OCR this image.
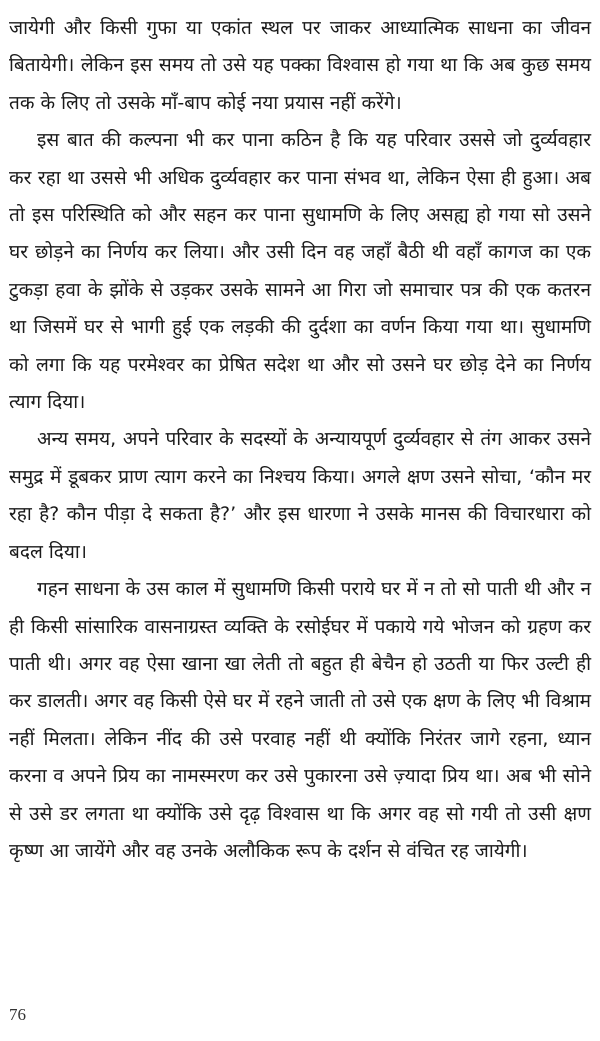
जायेगी और किसी गुफा या एकांत स्थल पर जाकर आध्यात्मिक साधना का जीवन बितायेगी। लेकिन इस समय तो उसे यह पक्का विश्वास हो गया था कि अब कुछ समय तक के लिए तो उसके माँ-बाप कोई नया प्रयास नहीं करेंगे।

इस बात की कल्पना भी कर पाना कठिन है कि यह परिवार उससे जो दुर्व्यवहार कर रहा था उससे भी अधिक दुर्व्यवहार कर पाना संभव था, लेकिन ऐसा ही हुआ। अब तो इस परिस्थिति को और सहन कर पाना सुधामणि के लिए असह्य हो गया सो उसने घर छोड़ने का निर्णय कर लिया। और उसी दिन वह जहाँ बैठी थी वहाँ कागज का एक टुकड़ा हवा के झोंके से उड़कर उसके सामने आ गिरा जो समाचार पत्र की एक कतरन था जिसमें घर से भागी हुई एक लड़की की दुर्दशा का वर्णन किया गया था। सुधामणि को लगा कि यह परमेश्वर का प्रेषित सदेश था और सो उसने घर छोड़ देने का निर्णय त्याग दिया।

अन्य समय, अपने परिवार के सदस्यों के अन्यायपूर्ण दुर्व्यवहार से तंग आकर उसने समुद्र में डूबकर प्राण त्याग करने का निश्चय किया। अगले क्षण उसने सोचा, ‘कौन मर रहा है? कौन पीड़ा दे सकता है?’ और इस धारणा ने उसके मानस की विचारधारा को बदल दिया।

गहन साधना के उस काल में सुधामणि किसी पराये घर में न तो सो पाती थी और न ही किसी सांसारिक वासनाग्रस्त व्यक्ति के रसोईघर में पकाये गये भोजन को ग्रहण कर पाती थी। अगर वह ऐसा खाना खा लेती तो बहुत ही बेचैन हो उठती या फिर उल्टी ही कर डालती। अगर वह किसी ऐसे घर में रहने जाती तो उसे एक क्षण के लिए भी विश्राम नहीं मिलता। लेकिन नींद की उसे परवाह नहीं थी क्योंकि निरंतर जागे रहना, ध्यान करना व अपने प्रिय का नामस्मरण कर उसे पुकारना उसे ज़्यादा प्रिय था। अब भी सोने से उसे डर लगता था क्योंकि उसे दृढ़ विश्वास था कि अगर वह सो गयी तो उसी क्षण कृष्ण आ जायेंगे और वह उनके अलौकिक रूप के दर्शन से वंचित रह जायेगी।

76
